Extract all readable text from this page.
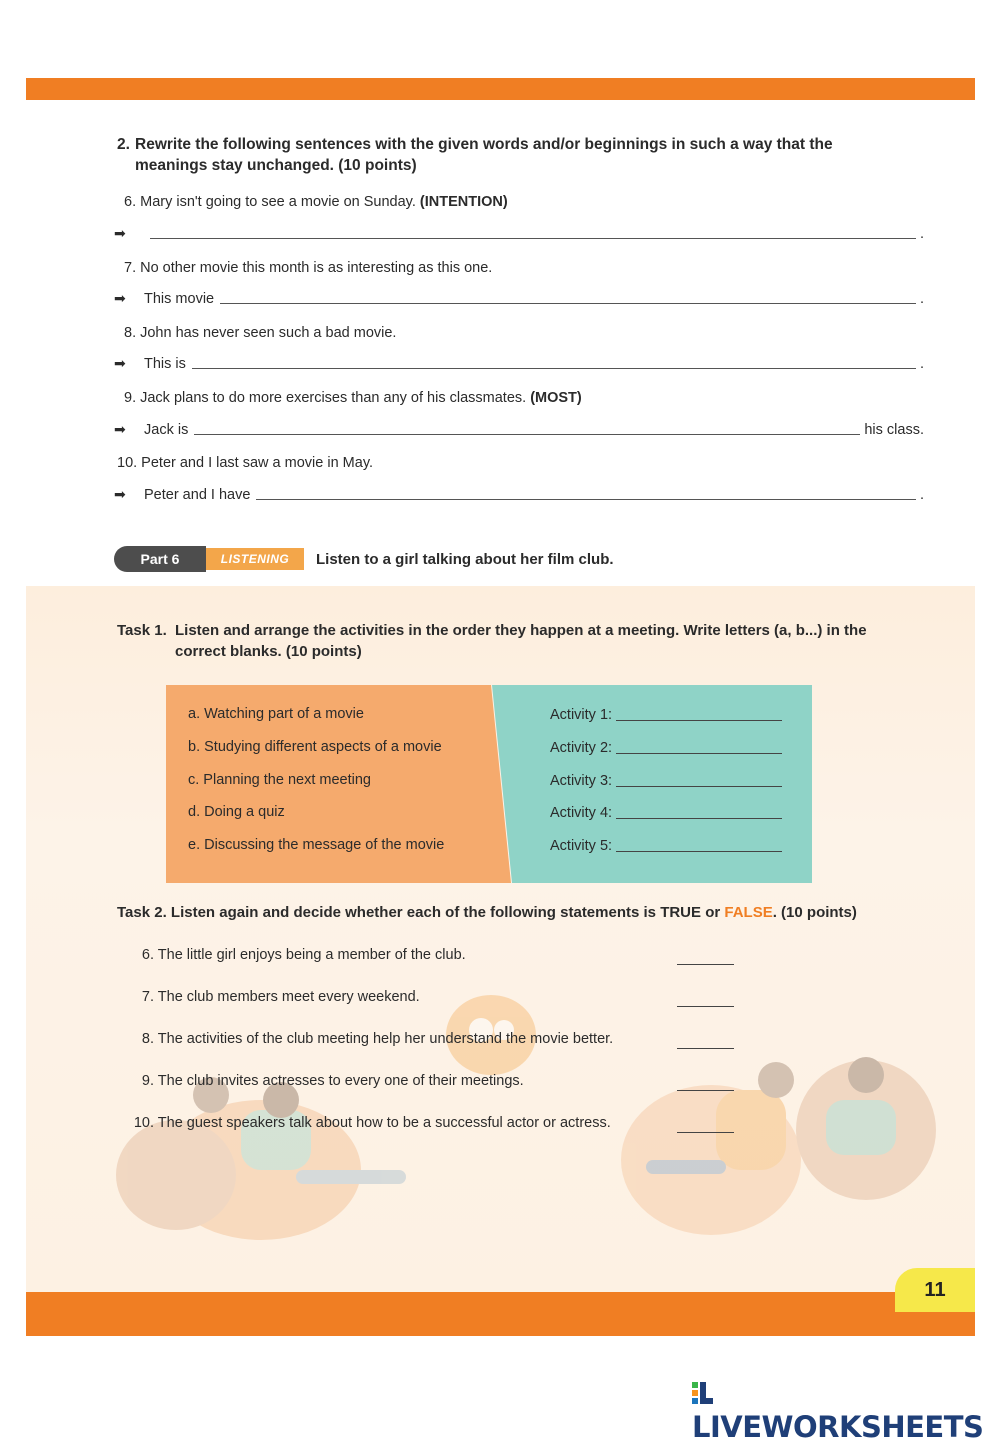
11
2. Rewrite the following sentences with the given words and/or beginnings in such a way that the meanings stay unchanged. (10 points)
6. Mary isn't going to see a movie on Sunday. (INTENTION)
➡	.
7. No other movie this month is as interesting as this one.
➡	This movie	.
8. John has never seen such a bad movie.
➡	This is	.
9. Jack plans to do more exercises than any of his classmates. (MOST)
➡	Jack is	his class.
10. Peter and I last saw a movie in May.
➡	Peter and I have	.
Part 6	LISTENING	Listen to a girl talking about her film club.
Task 1. Listen and arrange the activities in the order they happen at a meeting. Write letters (a, b...) in the correct blanks. (10 points)
a. Watching part of a movie
b. Studying different aspects of a movie
c. Planning the next meeting
d. Doing a quiz
e. Discussing the message of the movie
Activity 1:
Activity 2:
Activity 3:
Activity 4:
Activity 5:
Task 2. Listen again and decide whether each of the following statements is TRUE or FALSE. (10 points)
6. The little girl enjoys being a member of the club.
7. The club members meet every weekend.
8. The activities of the club meeting help her understand the movie better.
9. The club invites actresses to every one of their meetings.
10. The guest speakers talk about how to be a successful actor or actress.
LIVEWORKSHEETS
